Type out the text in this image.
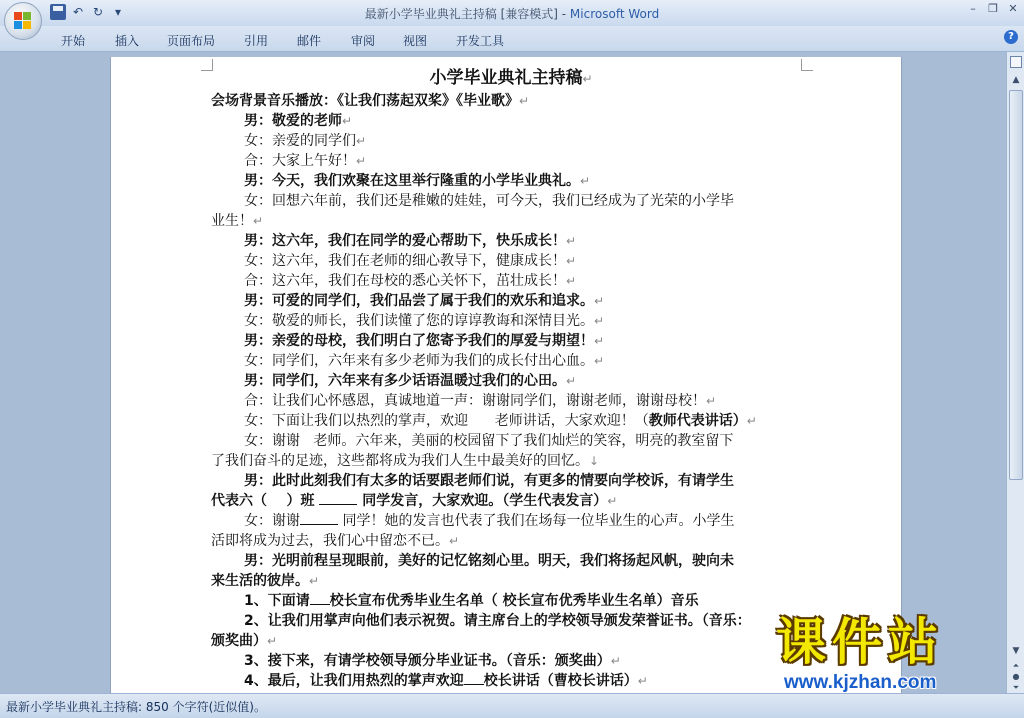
↶ ↻ ▾	最新小学毕业典礼主持稿 [兼容模式] - Microsoft Word	–	❐ ✕
开始 插入 页面布局 引用 邮件 审阅 视图 开发工具	?
小学毕业典礼主持稿↵

会场背景音乐播放：《让我们荡起双桨》《毕业歌》↵

男：敬爱的老师↵

女：亲爱的同学们↵

合：大家上午好！↵

男：今天，我们欢聚在这里举行隆重的小学毕业典礼。↵

女：回想六年前，我们还是稚嫩的娃娃，可今天，我们已经成为了光荣的小学毕

业生！↵

男：这六年，我们在同学的爱心帮助下，快乐成长！↵

女：这六年，我们在老师的细心教导下，健康成长！↵

合：这六年，我们在母校的悉心关怀下，茁壮成长！↵

男：可爱的同学们，我们品尝了属于我们的欢乐和追求。↵

女：敬爱的师长，我们读懂了您的谆谆教诲和深情目光。↵

男：亲爱的母校，我们明白了您寄予我们的厚爱与期望！↵

女：同学们，六年来有多少老师为我们的成长付出心血。↵

男：同学们，六年来有多少话语温暖过我们的心田。↵

合：让我们心怀感恩，真诚地道一声：谢谢同学们，谢谢老师，谢谢母校！↵

女：下面让我们以热烈的掌声，欢迎 老师讲话，大家欢迎！（教师代表讲话）↵

女：谢谢 老师。六年来，美丽的校园留下了我们灿烂的笑容，明亮的教室留下

了我们奋斗的足迹，这些都将成为我们人生中最美好的回忆。↓

男：此时此刻我们有太多的话要跟老师们说，有更多的情要向学校诉，有请学生

代表六（ ）班	同学发言，大家欢迎。（学生代表发言）↵

女：谢谢	同学！她的发言也代表了我们在场每一位毕业生的心声。小学生

活即将成为过去，我们心中留恋不已。↵

男：光明前程呈现眼前，美好的记忆铭刻心里。明天，我们将扬起风帆，驶向未

来生活的彼岸。↵

1、下面请 校长宣布优秀毕业生名单（ 校长宣布优秀毕业生名单）音乐

2、让我们用掌声向他们表示祝贺。请主席台上的学校领导颁发荣誉证书。（音乐：

颁奖曲）↵

3、接下来，有请学校领导颁分毕业证书。（音乐：颁奖曲）↵

4、最后，让我们用热烈的掌声欢迎 校长讲话（曹校长讲话）↵

▲
▼
⏶
●
⏷
最新小学毕业典礼主持稿: 850 个字符(近似值)。
课件站
www.kjzhan.com
